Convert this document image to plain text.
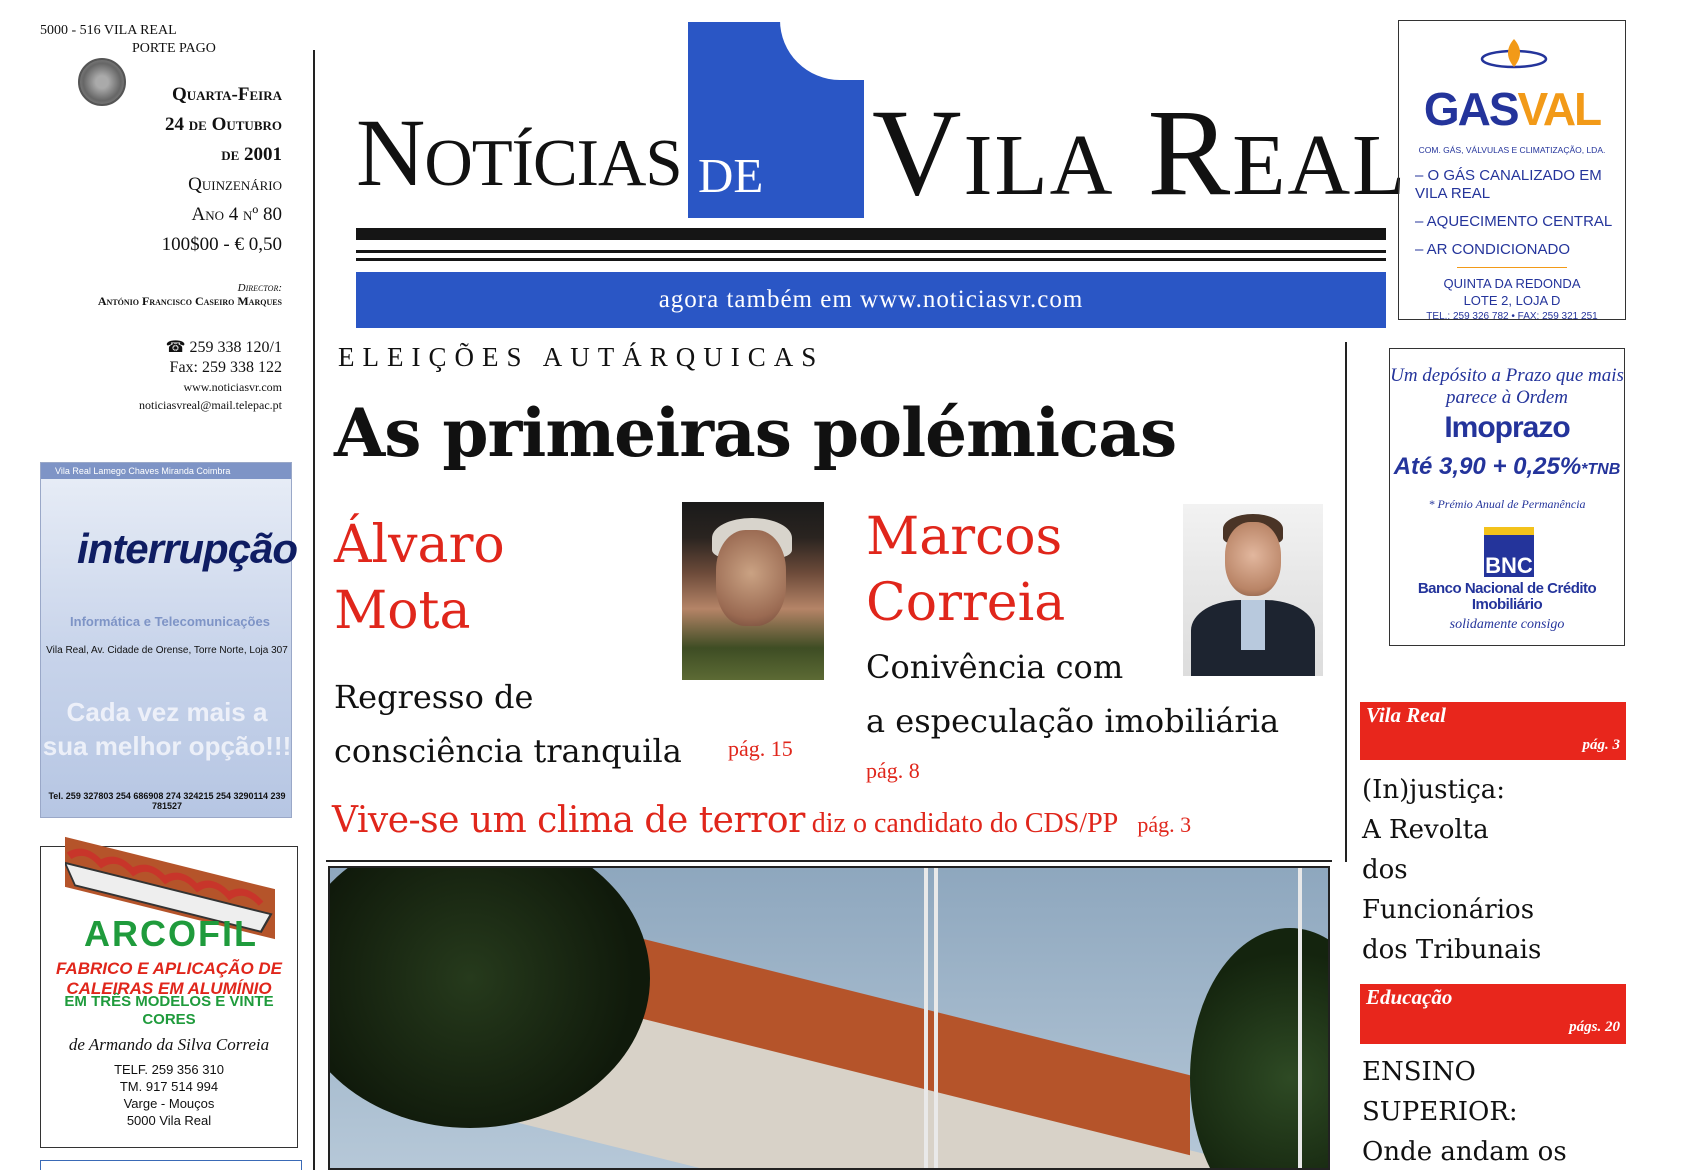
5000 - 516 VILA REAL
PORTE PAGO
Quarta-Feira
24 de Outubro
de 2001
Quinzenário
Ano 4 nº 80
100$00 - € 0,50
Director:
António Francisco Caseiro Marques
☎ 259 338 120/1
Fax: 259 338 122
www.noticiasvr.com
noticiasvreal@mail.telepac.pt
Vila Real Lamego Chaves Miranda Coimbra
interrupção
Informática e Telecomunicações
Vila Real, Av. Cidade de Orense, Torre Norte, Loja 307
Cada vez mais a sua melhor opção!!!
Tel. 259 327803 254 686908 274 324215 254 3290114 239 781527
ARCOFIL
FABRICO E APLICAÇÃO DE CALEIRAS EM ALUMÍNIO
EM TRÊS MODELOS E VINTE CORES
de Armando da Silva Correia
TELF. 259 356 310
TM. 917 514 994
Varge - Mouços
5000 Vila Real
Notícias de Vila Real
agora também em www.noticiasvr.com
GASVAL
COM. GÁS, VÁLVULAS E CLIMATIZAÇÃO, LDA.
– O GÁS CANALIZADO EM VILA REAL
– AQUECIMENTO CENTRAL
– AR CONDICIONADO
QUINTA DA REDONDA
LOTE 2, LOJA D
TEL.: 259 326 782 • FAX: 259 321 251
Um depósito a Prazo que mais parece à Ordem
Imoprazo
Até 3,90 + 0,25%*TNB
* Prémio Anual de Permanência
BNC
Banco Nacional de Crédito Imobiliário
solidamente consigo
ELEIÇÕES AUTÁRQUICAS
As primeiras polémicas
Álvaro
Mota
Regresso de
consciência tranquila pág. 15
Marcos
Correia
Conivência com
a especulação imobiliária
pág. 8
Vive-se um clima de terror diz o candidato do CDS/PP pág. 3
Vila Real
pág. 3
(In)justiça:
A Revolta
dos
Funcionários
dos Tribunais
Educação
págs. 20
ENSINO
SUPERIOR:
Onde andam os
